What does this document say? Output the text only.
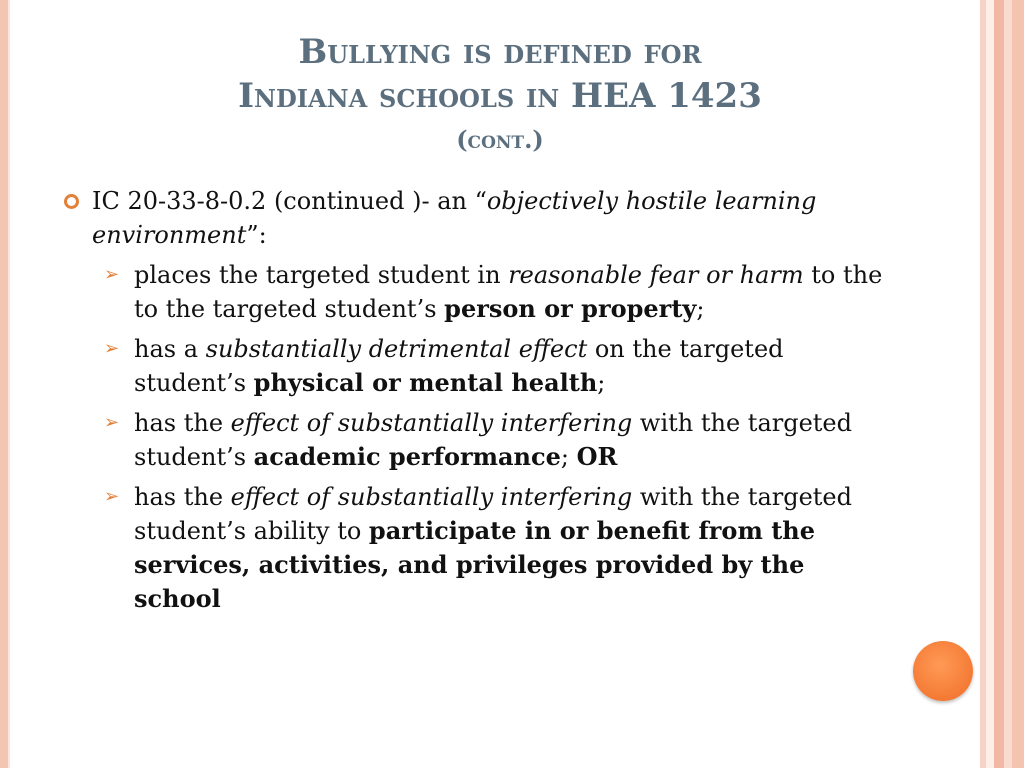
Bullying is defined for
Indiana schools in HEA 1423
(cont.)

IC 20-33-8-0.2 (continued )- an “objectively hostile learning environment”:

➢ places the targeted student in reasonable fear or harm to the to the targeted student’s person or property;
➢ has a substantially detrimental effect on the targeted student’s physical or mental health;
➢ has the effect of substantially interfering with the targeted student’s academic performance; OR
➢ has the effect of substantially interfering with the targeted student’s ability to participate in or benefit from the services, activities, and privileges provided by the school
